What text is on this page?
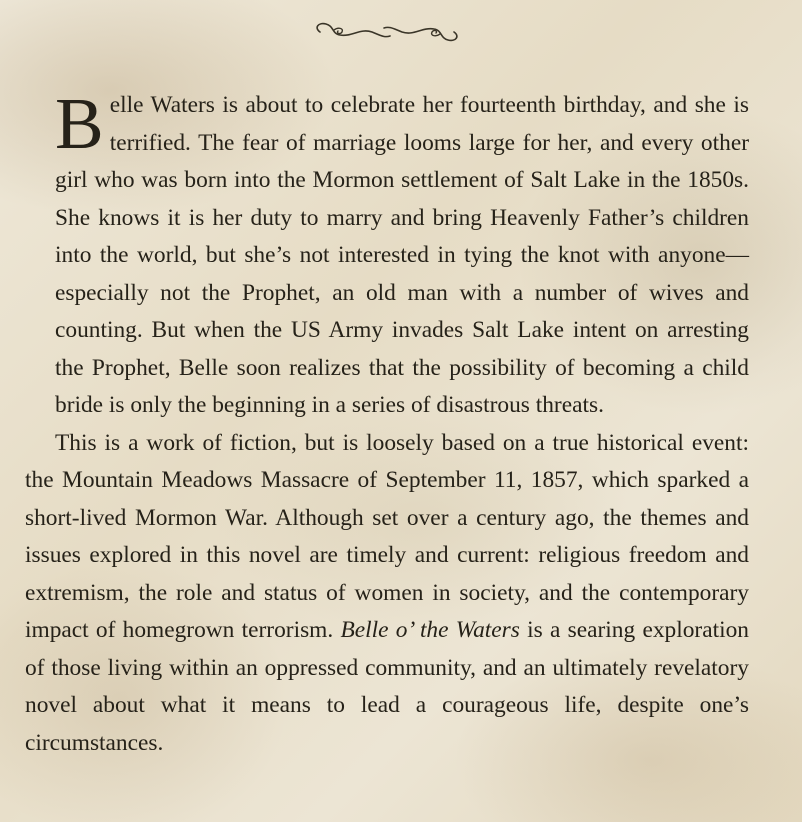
Belle Waters is about to celebrate her fourteenth birthday, and she is terrified. The fear of marriage looms large for her, and every other girl who was born into the Mormon settlement of Salt Lake in the 1850s. She knows it is her duty to marry and bring Heavenly Father’s children into the world, but she’s not interested in tying the knot with anyone—especially not the Prophet, an old man with a number of wives and counting. But when the US Army invades Salt Lake intent on arresting the Prophet, Belle soon realizes that the possibility of becoming a child bride is only the beginning in a series of disastrous threats.

This is a work of fiction, but is loosely based on a true historical event: the Mountain Meadows Massacre of September 11, 1857, which sparked a short-lived Mormon War. Although set over a century ago, the themes and issues explored in this novel are timely and current: religious freedom and extremism, the role and status of women in society, and the contemporary impact of homegrown terrorism. Belle o’ the Waters is a searing exploration of those living within an oppressed community, and an ultimately revelatory novel about what it means to lead a courageous life, despite one’s circumstances.
